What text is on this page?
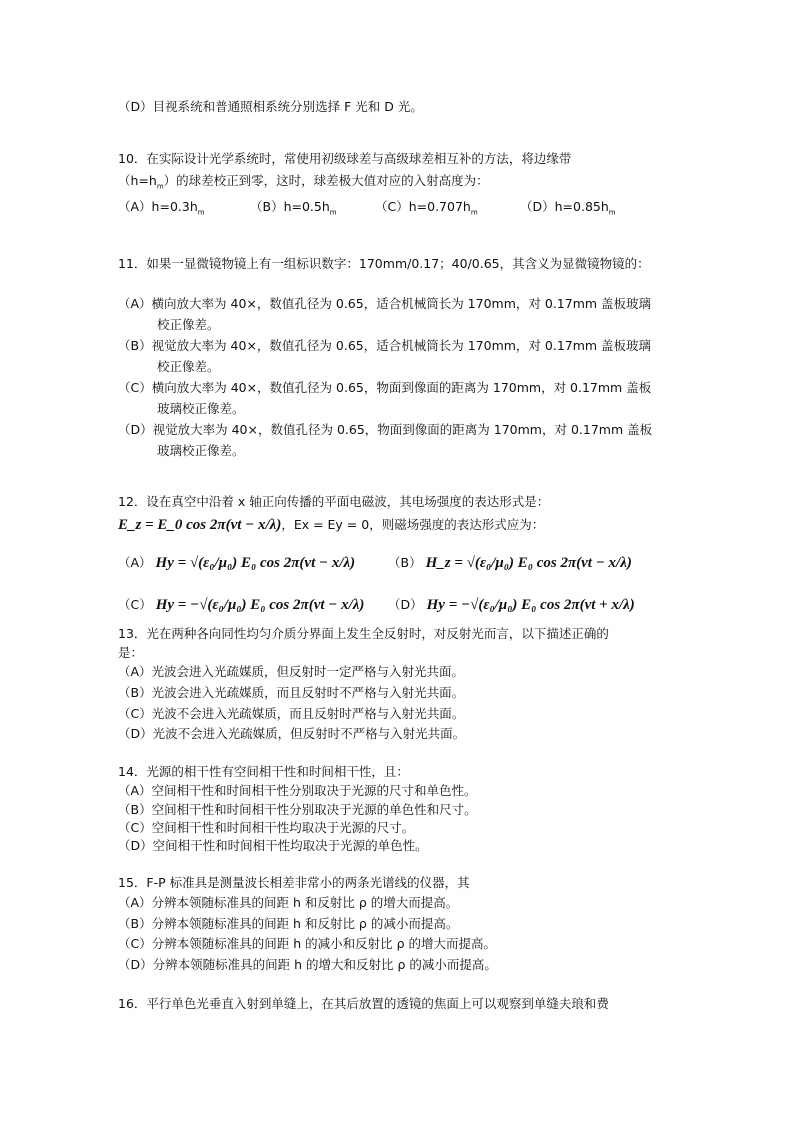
（D）目视系统和普通照相系统分别选择 F 光和 D 光。
10．在实际设计光学系统时，常使用初级球差与高级球差相互补的方法，将边缘带
$(h=h_m)$的球差校正到零，这时，球差极大值对应的入射高度为：
$(A)h=0.3h_m$	$(B)h=0.5h_m$	$(C)h=0.707h_m$	$(D)h=0.85h_m$
11．如果一显微镜物镜上有一组标识数字：170mm/0.17；40/0.65，其含义为显微镜物镜的：
（A）横向放大率为 40×，数值孔径为 0.65，适合机械筒长为 170mm，对 0.17mm 盖板玻璃
校正像差。
（B）视觉放大率为 40×，数值孔径为 0.65，适合机械筒长为 170mm，对 0.17mm 盖板玻璃
校正像差。
（C）横向放大率为 40×，数值孔径为 0.65，物面到像面的距离为 170mm，对 0.17mm 盖板
玻璃校正像差。
（D）视觉放大率为 40×，数值孔径为 0.65，物面到像面的距离为 170mm，对 0.17mm 盖板
玻璃校正像差。
12．设在真空中沿着 x 轴正向传播的平面电磁波，其电场强度的表达形式是：
E_z = E_0 cos 2π(νt − x/λ)，Ex = Ey = 0，则磁场强度的表达形式应为：
（A） Hy = √(ε₀/μ₀) E₀ cos 2π(νt − x/λ)	（B） H_z = √(ε₀/μ₀) E₀ cos 2π(νt − x/λ)
（C） Hy = −√(ε₀/μ₀) E₀ cos 2π(νt − x/λ) （D） Hy = −√(ε₀/μ₀) E₀ cos 2π(νt + x/λ)
13．光在两种各向同性均匀介质分界面上发生全反射时，对反射光而言，以下描述正确的
是：
（A）光波会进入光疏媒质，但反射时一定严格与入射光共面。
（B）光波会进入光疏媒质，而且反射时不严格与入射光共面。
（C）光波不会进入光疏媒质，而且反射时严格与入射光共面。
（D）光波不会进入光疏媒质，但反射时不严格与入射光共面。
14．光源的相干性有空间相干性和时间相干性，且：
（A）空间相干性和时间相干性分别取决于光源的尺寸和单色性。
（B）空间相干性和时间相干性分别取决于光源的单色性和尺寸。
（C）空间相干性和时间相干性均取决于光源的尺寸。
（D）空间相干性和时间相干性均取决于光源的单色性。
15．F-P 标准具是测量波长相差非常小的两条光谱线的仪器，其
（A）分辨本领随标准具的间距 h 和反射比 ρ 的增大而提高。
（B）分辨本领随标准具的间距 h 和反射比 ρ 的减小而提高。
（C）分辨本领随标准具的间距 h 的减小和反射比 ρ 的增大而提高。
（D）分辨本领随标准具的间距 h 的增大和反射比 ρ 的减小而提高。
16．平行单色光垂直入射到单缝上，在其后放置的透镜的焦面上可以观察到单缝夫琅和费
